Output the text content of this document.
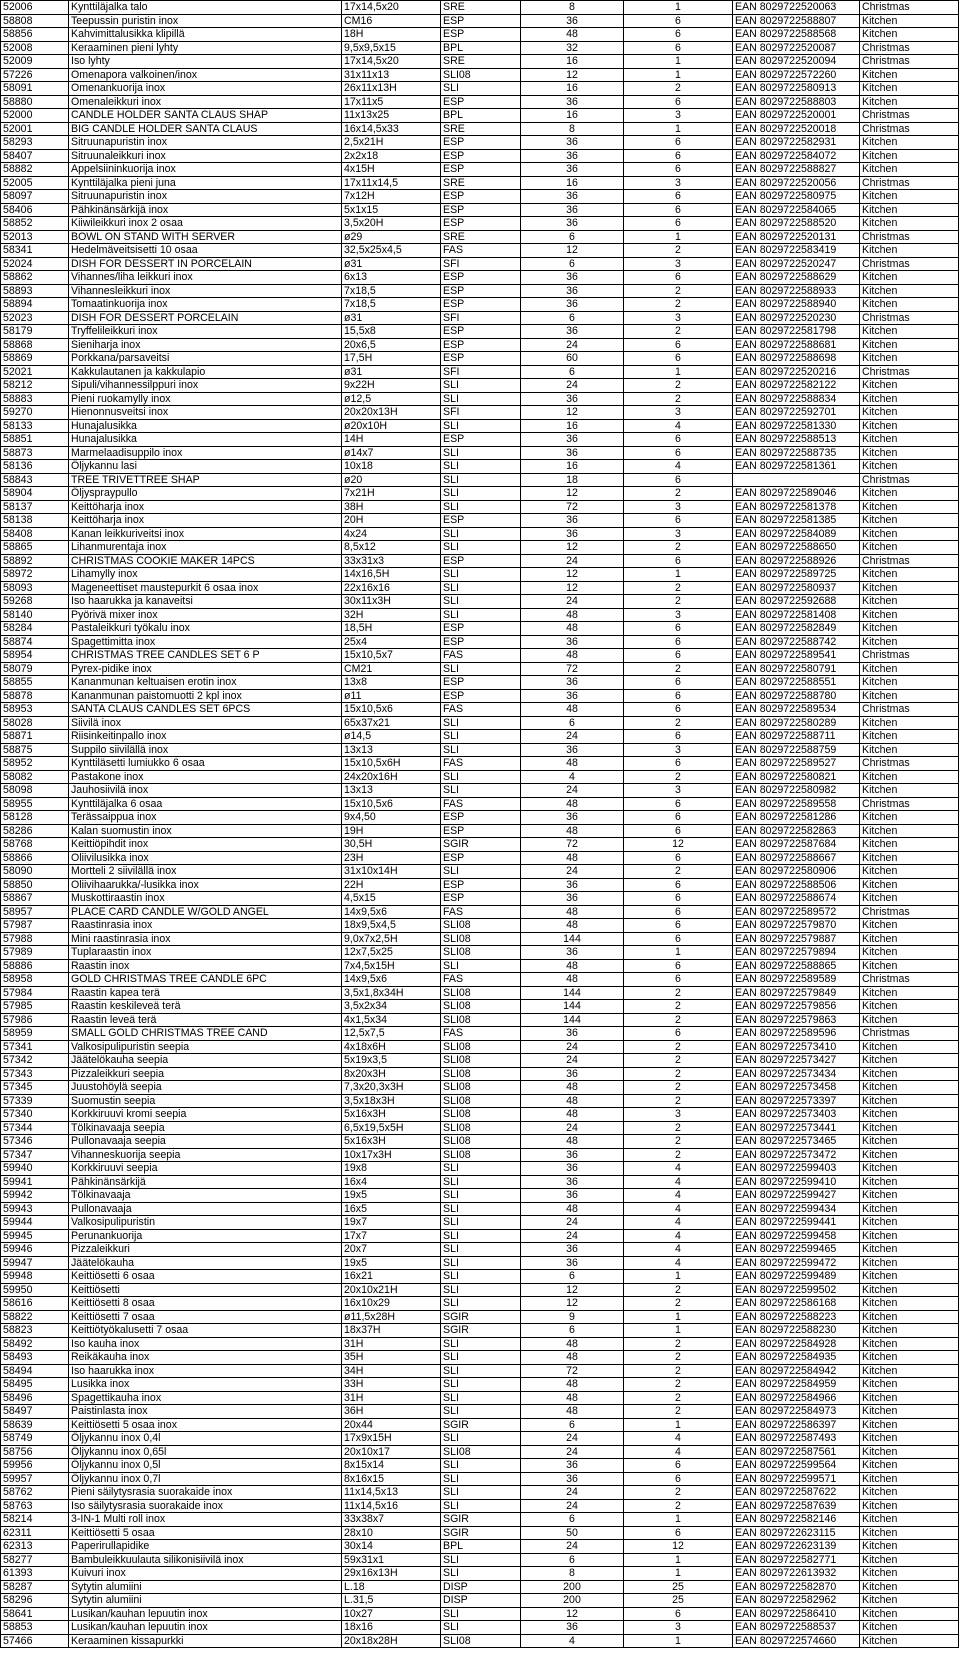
52006	Kynttiläjalka talo	17x14,5x20	SRE	8	1	EAN 8029722520063	Christmas
58808	Teepussin puristin inox	CM16	ESP	36	6	EAN 8029722588807	Kitchen
58856	Kahvimittalusikka klipillä	18H	ESP	48	6	EAN 8029722588568	Kitchen
52008	Keraaminen pieni lyhty	9,5x9,5x15	BPL	32	6	EAN 8029722520087	Christmas
52009	Iso lyhty	17x14,5x20	SRE	16	1	EAN 8029722520094	Christmas
57226	Omenapora valkoinen/inox	31x11x13	SLI08	12	1	EAN 8029722572260	Kitchen
58091	Omenankuorija inox	26x11x13H	SLI	16	2	EAN 8029722580913	Kitchen
58880	Omenaleikkuri inox	17x11x5	ESP	36	6	EAN 8029722588803	Kitchen
52000	CANDLE HOLDER SANTA CLAUS SHAP	11x13x25	BPL	16	3	EAN 8029722520001	Christmas
52001	BIG CANDLE HOLDER SANTA CLAUS	16x14,5x33	SRE	8	1	EAN 8029722520018	Christmas
58293	Sitruunapuristin inox	2,5x21H	ESP	36	6	EAN 8029722582931	Kitchen
58407	Sitruunaleikkuri inox	2x2x18	ESP	36	6	EAN 8029722584072	Kitchen
58882	Appelsiininkuorija inox	4x15H	ESP	36	6	EAN 8029722588827	Kitchen
52005	Kynttiläjalka pieni juna	17x11x14,5	SRE	16	3	EAN 8029722520056	Christmas
58097	Sitruunapuristin inox	7x12H	ESP	36	6	EAN 8029722580975	Kitchen
58406	Pähkinänsärkijä inox	5x1x15	ESP	36	6	EAN 8029722584065	Kitchen
58852	Kiiwileikkuri inox 2 osaa	3,5x20H	ESP	36	6	EAN 8029722588520	Kitchen
52013	BOWL ON STAND WITH SERVER	ø29	SRE	6	1	EAN 8029722520131	Christmas
58341	Hedelmäveitsisetti 10 osaa	32,5x25x4,5	FAS	12	2	EAN 8029722583419	Kitchen
52024	DISH FOR DESSERT IN PORCELAIN	ø31	SFI	6	3	EAN 8029722520247	Christmas
58862	Vihannes/liha leikkuri inox	6x13	ESP	36	6	EAN 8029722588629	Kitchen
58893	Vihannesleikkuri inox	7x18,5	ESP	36	2	EAN 8029722588933	Kitchen
58894	Tomaatinkuorija inox	7x18,5	ESP	36	2	EAN 8029722588940	Kitchen
52023	DISH FOR DESSERT PORCELAIN	ø31	SFI	6	3	EAN 8029722520230	Christmas
58179	Tryffelileikkuri inox	15,5x8	ESP	36	2	EAN 8029722581798	Kitchen
58868	Sieniharja inox	20x6,5	ESP	24	6	EAN 8029722588681	Kitchen
58869	Porkkana/parsaveitsi	17,5H	ESP	60	6	EAN 8029722588698	Kitchen
52021	Kakkulautanen ja kakkulapio	ø31	SFI	6	1	EAN 8029722520216	Christmas
58212	Sipuli/vihannessilppuri inox	9x22H	SLI	24	2	EAN 8029722582122	Kitchen
58883	Pieni ruokamylly inox	ø12,5	SLI	36	2	EAN 8029722588834	Kitchen
59270	Hienonnusveitsi inox	20x20x13H	SFI	12	3	EAN 8029722592701	Kitchen
58133	Hunajalusikka	ø20x10H	SLI	16	4	EAN 8029722581330	Kitchen
58851	Hunajalusikka	14H	ESP	36	6	EAN 8029722588513	Kitchen
58873	Marmelaadisuppilo inox	ø14x7	SLI	36	6	EAN 8029722588735	Kitchen
58136	Öljykannu lasi	10x18	SLI	16	4	EAN 8029722581361	Kitchen
58843	TREE TRIVETTREE SHAP	ø20	SLI	18	6		Christmas
58904	Öljyspraypullo	7x21H	SLI	12	2	EAN 8029722589046	Kitchen
58137	Keittöharja inox	38H	SLI	72	3	EAN 8029722581378	Kitchen
58138	Keittöharja inox	20H	ESP	36	6	EAN 8029722581385	Kitchen
58408	Kanan leikkuriveitsi inox	4x24	SLI	36	3	EAN 8029722584089	Kitchen
58865	Lihanmurentaja inox	8,5x12	SLI	12	2	EAN 8029722588650	Kitchen
58892	CHRISTMAS COOKIE MAKER 14PCS	33x31x3	ESP	24	6	EAN 8029722588926	Christmas
58972	Lihamylly inox	14x16,5H	SLI	12	1	EAN 8029722589725	Kitchen
58093	Mageneettiset maustepurkit 6 osaa inox	22x16x16	SLI	12	2	EAN 8029722580937	Kitchen
59268	Iso haarukka ja kanaveitsi	30x11x3H	SLI	24	2	EAN 8029722592688	Kitchen
58140	Pyörivä mixer inox	32H	SLI	48	3	EAN 8029722581408	Kitchen
58284	Pastaleikkuri työkalu inox	18,5H	ESP	48	6	EAN 8029722582849	Kitchen
58874	Spagettimitta inox	25x4	ESP	36	6	EAN 8029722588742	Kitchen
58954	CHRISTMAS TREE CANDLES SET 6 P	15x10,5x7	FAS	48	6	EAN 8029722589541	Christmas
58079	Pyrex-pidike inox	CM21	SLI	72	2	EAN 8029722580791	Kitchen
58855	Kananmunan keltuaisen erotin inox	13x8	ESP	36	6	EAN 8029722588551	Kitchen
58878	Kananmunan paistomuotti 2 kpl inox	ø11	ESP	36	6	EAN 8029722588780	Kitchen
58953	SANTA CLAUS CANDLES SET 6PCS	15x10,5x6	FAS	48	6	EAN 8029722589534	Christmas
58028	Siivilä inox	65x37x21	SLI	6	2	EAN 8029722580289	Kitchen
58871	Riisinkeitinpallo inox	ø14,5	SLI	24	6	EAN 8029722588711	Kitchen
58875	Suppilo siivilällä inox	13x13	SLI	36	3	EAN 8029722588759	Kitchen
58952	Kynttiläsetti lumiukko 6 osaa	15x10,5x6H	FAS	48	6	EAN 8029722589527	Christmas
58082	Pastakone inox	24x20x16H	SLI	4	2	EAN 8029722580821	Kitchen
58098	Jauhosiivilä inox	13x13	SLI	24	3	EAN 8029722580982	Kitchen
58955	Kynttiläjalka 6 osaa	15x10,5x6	FAS	48	6	EAN 8029722589558	Christmas
58128	Terässaippua inox	9x4,50	ESP	36	6	EAN 8029722581286	Kitchen
58286	Kalan suomustin inox	19H	ESP	48	6	EAN 8029722582863	Kitchen
58768	Keittiöpihdit inox	30,5H	SGIR	72	12	EAN 8029722587684	Kitchen
58866	Oliivilusikka inox	23H	ESP	48	6	EAN 8029722588667	Kitchen
58090	Mortteli 2 siivilällä inox	31x10x14H	SLI	24	2	EAN 8029722580906	Kitchen
58850	Oliivihaarukka/-lusikka inox	22H	ESP	36	6	EAN 8029722588506	Kitchen
58867	Muskottiraastin inox	4,5x15	ESP	36	6	EAN 8029722588674	Kitchen
58957	PLACE CARD CANDLE W/GOLD ANGEL	14x9,5x6	FAS	48	6	EAN 8029722589572	Christmas
57987	Raastinrasia inox	18x9,5x4,5	SLI08	48	6	EAN 8029722579870	Kitchen
57988	Mini raastinrasia inox	9,0x7x2,5H	SLI08	144	6	EAN 8029722579887	Kitchen
57989	Tuplaraastin inox	12x7,5x25	SLI08	36	1	EAN 8029722579894	Kitchen
58886	Raastin inox	7x4,5x15H	SLI	48	6	EAN 8029722588865	Kitchen
58958	GOLD CHRISTMAS TREE CANDLE 6PC	14x9,5x6	FAS	48	6	EAN 8029722589589	Christmas
57984	Raastin kapea terä	3,5x1,8x34H	SLI08	144	2	EAN 8029722579849	Kitchen
57985	Raastin keskileveä terä	3,5x2x34	SLI08	144	2	EAN 8029722579856	Kitchen
57986	Raastin leveä terä	4x1,5x34	SLI08	144	2	EAN 8029722579863	Kitchen
58959	SMALL GOLD CHRISTMAS TREE CAND	12,5x7,5	FAS	36	6	EAN 8029722589596	Christmas
57341	Valkosipulipuristin seepia	4x18x6H	SLI08	24	2	EAN 8029722573410	Kitchen
57342	Jäätelökauha seepia	5x19x3,5	SLI08	24	2	EAN 8029722573427	Kitchen
57343	Pizzaleikkuri seepia	8x20x3H	SLI08	36	2	EAN 8029722573434	Kitchen
57345	Juustohöylä seepia	7,3x20,3x3H	SLI08	48	2	EAN 8029722573458	Kitchen
57339	Suomustin seepia	3,5x18x3H	SLI08	48	2	EAN 8029722573397	Kitchen
57340	Korkkiruuvi kromi seepia	5x16x3H	SLI08	48	3	EAN 8029722573403	Kitchen
57344	Tölkinavaaja seepia	6,5x19,5x5H	SLI08	24	2	EAN 8029722573441	Kitchen
57346	Pullonavaaja seepia	5x16x3H	SLI08	48	2	EAN 8029722573465	Kitchen
57347	Vihanneskuorija seepia	10x17x3H	SLI08	36	2	EAN 8029722573472	Kitchen
59940	Korkkiruuvi seepia	19x8	SLI	36	4	EAN 8029722599403	Kitchen
59941	Pähkinänsärkijä	16x4	SLI	36	4	EAN 8029722599410	Kitchen
59942	Tölkinavaaja	19x5	SLI	36	4	EAN 8029722599427	Kitchen
59943	Pullonavaaja	16x5	SLI	48	4	EAN 8029722599434	Kitchen
59944	Valkosipulipuristin	19x7	SLI	24	4	EAN 8029722599441	Kitchen
59945	Perunankuorija	17x7	SLI	24	4	EAN 8029722599458	Kitchen
59946	Pizzaleikkuri	20x7	SLI	36	4	EAN 8029722599465	Kitchen
59947	Jäätelökauha	19x5	SLI	36	4	EAN 8029722599472	Kitchen
59948	Keittiösetti 6 osaa	16x21	SLI	6	1	EAN 8029722599489	Kitchen
59950	Keittiösetti	20x10x21H	SLI	12	2	EAN 8029722599502	Kitchen
58616	Keittiösetti 8 osaa	16x10x29	SLI	12	2	EAN 8029722586168	Kitchen
58822	Keittiösetti 7 osaa	ø11,5x28H	SGIR	9	1	EAN 8029722588223	Kitchen
58823	Keittiötyökalusetti 7 osaa	18x37H	SGIR	6	1	EAN 8029722588230	Kitchen
58492	Iso kauha inox	31H	SLI	48	2	EAN 8029722584928	Kitchen
58493	Reikäkauha inox	35H	SLI	48	2	EAN 8029722584935	Kitchen
58494	Iso haarukka inox	34H	SLI	72	2	EAN 8029722584942	Kitchen
58495	Lusikka inox	33H	SLI	48	2	EAN 8029722584959	Kitchen
58496	Spagettikauha inox	31H	SLI	48	2	EAN 8029722584966	Kitchen
58497	Paistinlasta inox	36H	SLI	48	2	EAN 8029722584973	Kitchen
58639	Keittiösetti 5 osaa inox	20x44	SGIR	6	1	EAN 8029722586397	Kitchen
58749	Öljykannu inox 0,4l	17x9x15H	SLI	24	4	EAN 8029722587493	Kitchen
58756	Öljykannu inox 0,65l	20x10x17	SLI08	24	4	EAN 8029722587561	Kitchen
59956	Öljykannu inox 0,5l	8x15x14	SLI	36	6	EAN 8029722599564	Kitchen
59957	Öljykannu inox 0,7l	8x16x15	SLI	36	6	EAN 8029722599571	Kitchen
58762	Pieni säilytysrasia suorakaide inox	11x14,5x13	SLI	24	2	EAN 8029722587622	Kitchen
58763	Iso säilytysrasia suorakaide inox	11x14,5x16	SLI	24	2	EAN 8029722587639	Kitchen
58214	3-IN-1 Multi roll inox	33x38x7	SGIR	6	1	EAN 8029722582146	Kitchen
62311	Keittiösetti 5 osaa	28x10	SGIR	50	6	EAN 8029722623115	Kitchen
62313	Paperirullapidike	30x14	BPL	24	12	EAN 8029722623139	Kitchen
58277	Bambuleikkuulauta silikonisiivilä inox	59x31x1	SLI	6	1	EAN 8029722582771	Kitchen
61393	Kuivuri inox	29x16x13H	SLI	8	1	EAN 8029722613932	Kitchen
58287	Sytytin alumiini	L.18	DISP	200	25	EAN 8029722582870	Kitchen
58296	Sytytin alumiini	L.31,5	DISP	200	25	EAN 8029722582962	Kitchen
58641	Lusikan/kauhan lepuutin inox	10x27	SLI	12	6	EAN 8029722586410	Kitchen
58853	Lusikan/kauhan lepuutin inox	18x16	SLI	36	3	EAN 8029722588537	Kitchen
57466	Keraaminen kissapurkki	20x18x28H	SLI08	4	1	EAN 8029722574660	Kitchen
